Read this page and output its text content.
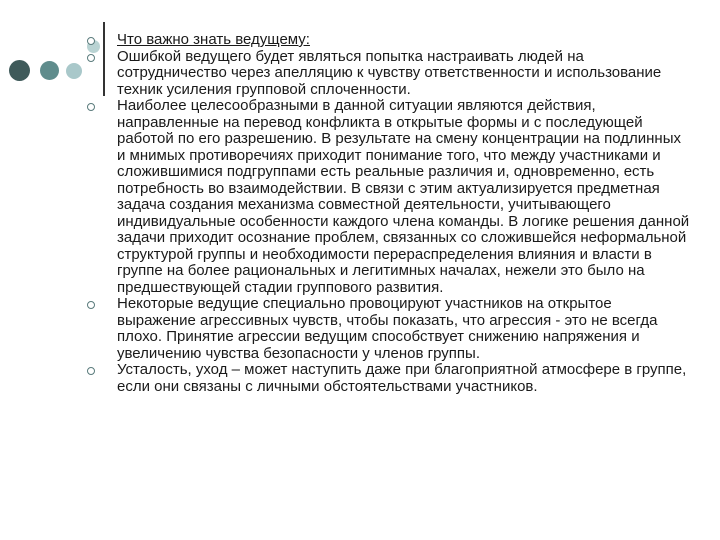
Что важно знать ведущему:
Ошибкой ведущего будет являться попытка настраивать людей на сотрудничество через апелляцию к чувству ответственности и использование техник усиления групповой сплоченности.
Наиболее целесообразными в данной ситуации являются действия, направленные на перевод конфликта в открытые формы и с последующей работой по его разрешению. В результате на смену концентрации на подлинных и мнимых противоречиях приходит понимание того, что между участниками и сложившимися подгруппами есть реальные различия и, одновременно, есть потребность во взаимодействии. В связи с этим актуализируется предметная задача создания механизма совместной деятельности, учитывающего индивидуальные особенности каждого члена команды. В логике решения данной задачи приходит осознание проблем, связанных со сложившейся неформальной структурой группы и необходимости перераспределения влияния и власти в группе на более рациональных и легитимных началах, нежели это было на предшествующей стадии группового развития.
Некоторые ведущие специально провоцируют участников на открытое выражение агрессивных чувств, чтобы показать, что агрессия - это не всегда плохо. Принятие агрессии ведущим способствует снижению напряжения и увеличению чувства безопасности у членов группы.
Усталость, уход – может наступить даже при благоприятной атмосфере в группе, если они связаны с личными обстоятельствами участников.
